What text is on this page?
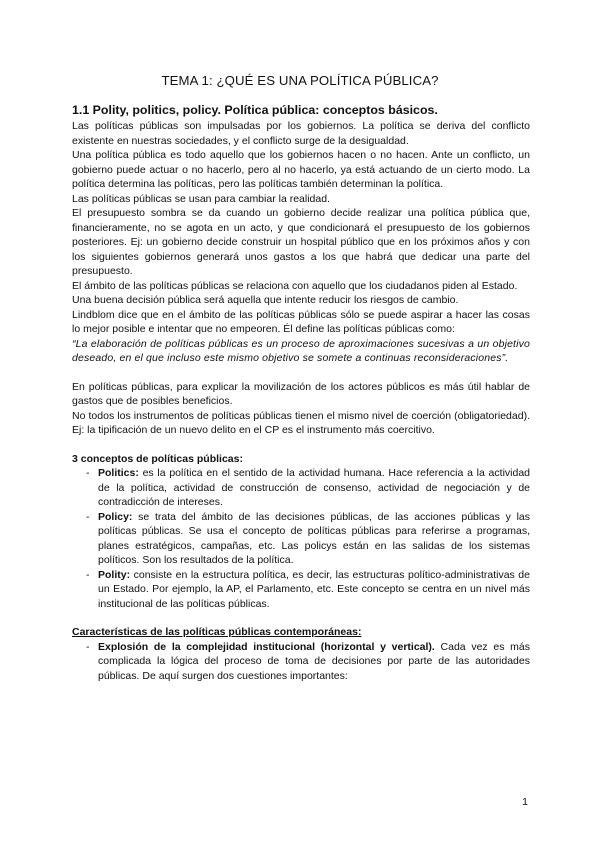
TEMA 1: ¿QUÉ ES UNA POLÍTICA PÚBLICA?
1.1 Polity, politics, policy. Política pública: conceptos básicos.

Las políticas públicas son impulsadas por los gobiernos. La política se deriva del conflicto existente en nuestras sociedades, y el conflicto surge de la desigualdad.

Una política pública es todo aquello que los gobiernos hacen o no hacen. Ante un conflicto, un gobierno puede actuar o no hacerlo, pero al no hacerlo, ya está actuando de un cierto modo. La política determina las políticas, pero las políticas también determinan la política.

Las políticas públicas se usan para cambiar la realidad.

El presupuesto sombra se da cuando un gobierno decide realizar una política pública que, financieramente, no se agota en un acto, y que condicionará el presupuesto de los gobiernos posteriores. Ej: un gobierno decide construir un hospital público que en los próximos años y con los siguientes gobiernos generará unos gastos a los que habrá que dedicar una parte del presupuesto.

El ámbito de las políticas públicas se relaciona con aquello que los ciudadanos piden al Estado.

Una buena decisión pública será aquella que intente reducir los riesgos de cambio.

Lindblom dice que en el ámbito de las políticas públicas sólo se puede aspirar a hacer las cosas lo mejor posible e intentar que no empeoren. Él define las políticas públicas como:

“La elaboración de políticas públicas es un proceso de aproximaciones sucesivas a un objetivo deseado, en el que incluso este mismo objetivo se somete a continuas reconsideraciones”.

En políticas públicas, para explicar la movilización de los actores públicos es más útil hablar de gastos que de posibles beneficios.

No todos los instrumentos de políticas públicas tienen el mismo nivel de coerción (obligatoriedad). Ej: la tipificación de un nuevo delito en el CP es el instrumento más coercitivo.

3 conceptos de políticas públicas:

- Politics: es la política en el sentido de la actividad humana. Hace referencia a la actividad de la política, actividad de construcción de consenso, actividad de negociación y de contradicción de intereses.
- Policy: se trata del ámbito de las decisiones públicas, de las acciones públicas y las políticas públicas. Se usa el concepto de políticas públicas para referirse a programas, planes estratégicos, campañas, etc. Las policys están en las salidas de los sistemas políticos. Son los resultados de la política.
- Polity: consiste en la estructura política, es decir, las estructuras político-administrativas de un Estado. Por ejemplo, la AP, el Parlamento, etc. Este concepto se centra en un nivel más institucional de las políticas públicas.

Características de las políticas públicas contemporáneas:

- Explosión de la complejidad institucional (horizontal y vertical). Cada vez es más complicada la lógica del proceso de toma de decisiones por parte de las autoridades públicas. De aquí surgen dos cuestiones importantes:
1
